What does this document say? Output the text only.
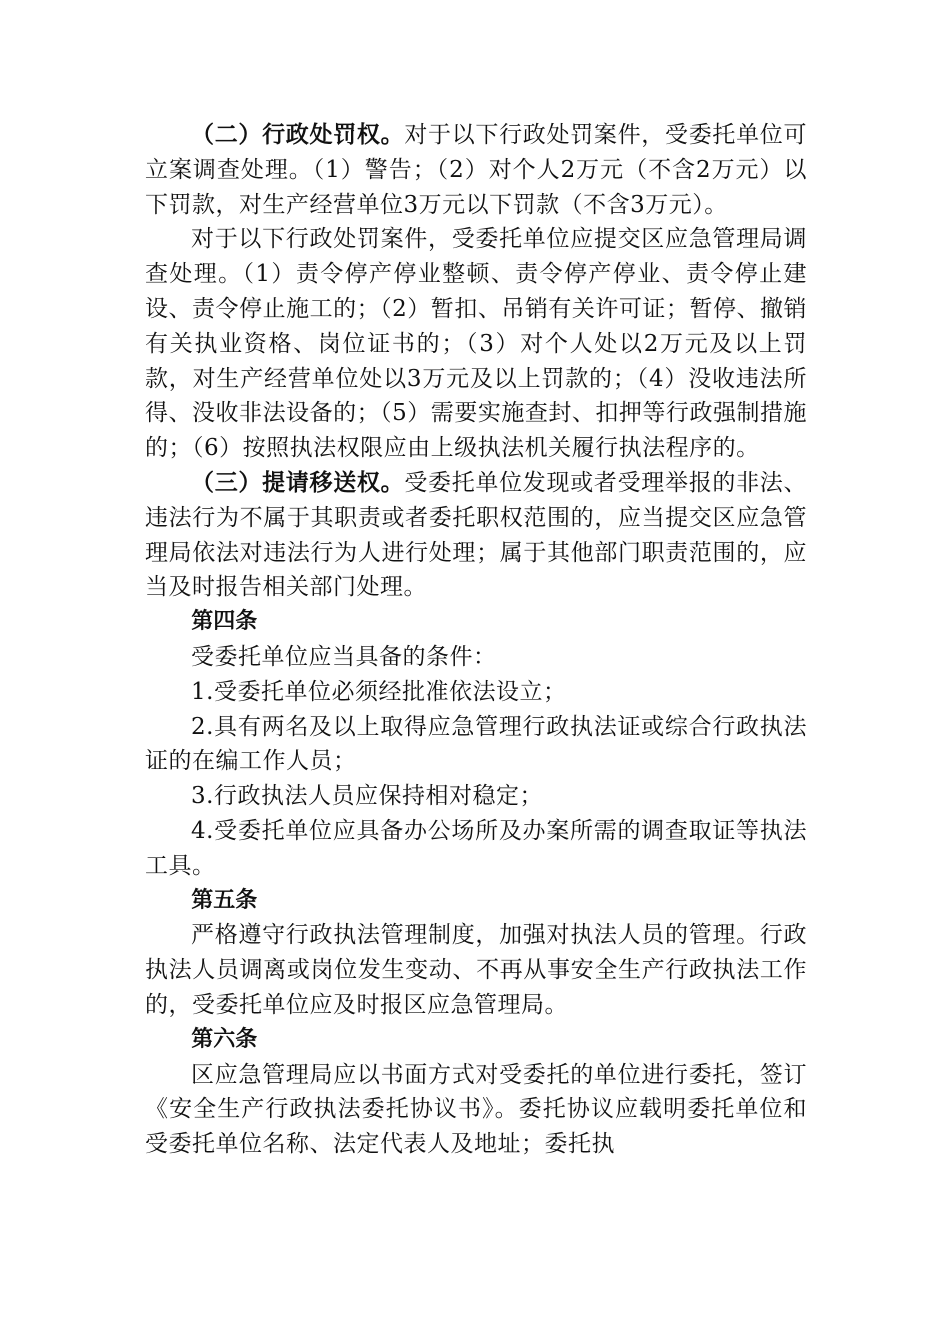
（二）行政处罚权。对于以下行政处罚案件，受委托单位可立案调查处理。（1）警告；（2）对个人2万元（不含2万元）以下罚款，对生产经营单位3万元以下罚款（不含3万元）。

对于以下行政处罚案件，受委托单位应提交区应急管理局调查处理。（1）责令停产停业整顿、责令停产停业、责令停止建设、责令停止施工的；（2）暂扣、吊销有关许可证；暂停、撤销有关执业资格、岗位证书的；（3）对个人处以2万元及以上罚款，对生产经营单位处以3万元及以上罚款的；（4）没收违法所得、没收非法设备的；（5）需要实施查封、扣押等行政强制措施的；（6）按照执法权限应由上级执法机关履行执法程序的。

（三）提请移送权。受委托单位发现或者受理举报的非法、违法行为不属于其职责或者委托职权范围的，应当提交区应急管理局依法对违法行为人进行处理；属于其他部门职责范围的，应当及时报告相关部门处理。

第四条

受委托单位应当具备的条件：

1.受委托单位必须经批准依法设立；

2.具有两名及以上取得应急管理行政执法证或综合行政执法证的在编工作人员；

3.行政执法人员应保持相对稳定；

4.受委托单位应具备办公场所及办案所需的调查取证等执法工具。

第五条

严格遵守行政执法管理制度，加强对执法人员的管理。行政执法人员调离或岗位发生变动、不再从事安全生产行政执法工作的，受委托单位应及时报区应急管理局。

第六条

区应急管理局应以书面方式对受委托的单位进行委托，签订《安全生产行政执法委托协议书》。委托协议应载明委托单位和受委托单位名称、法定代表人及地址；委托执
